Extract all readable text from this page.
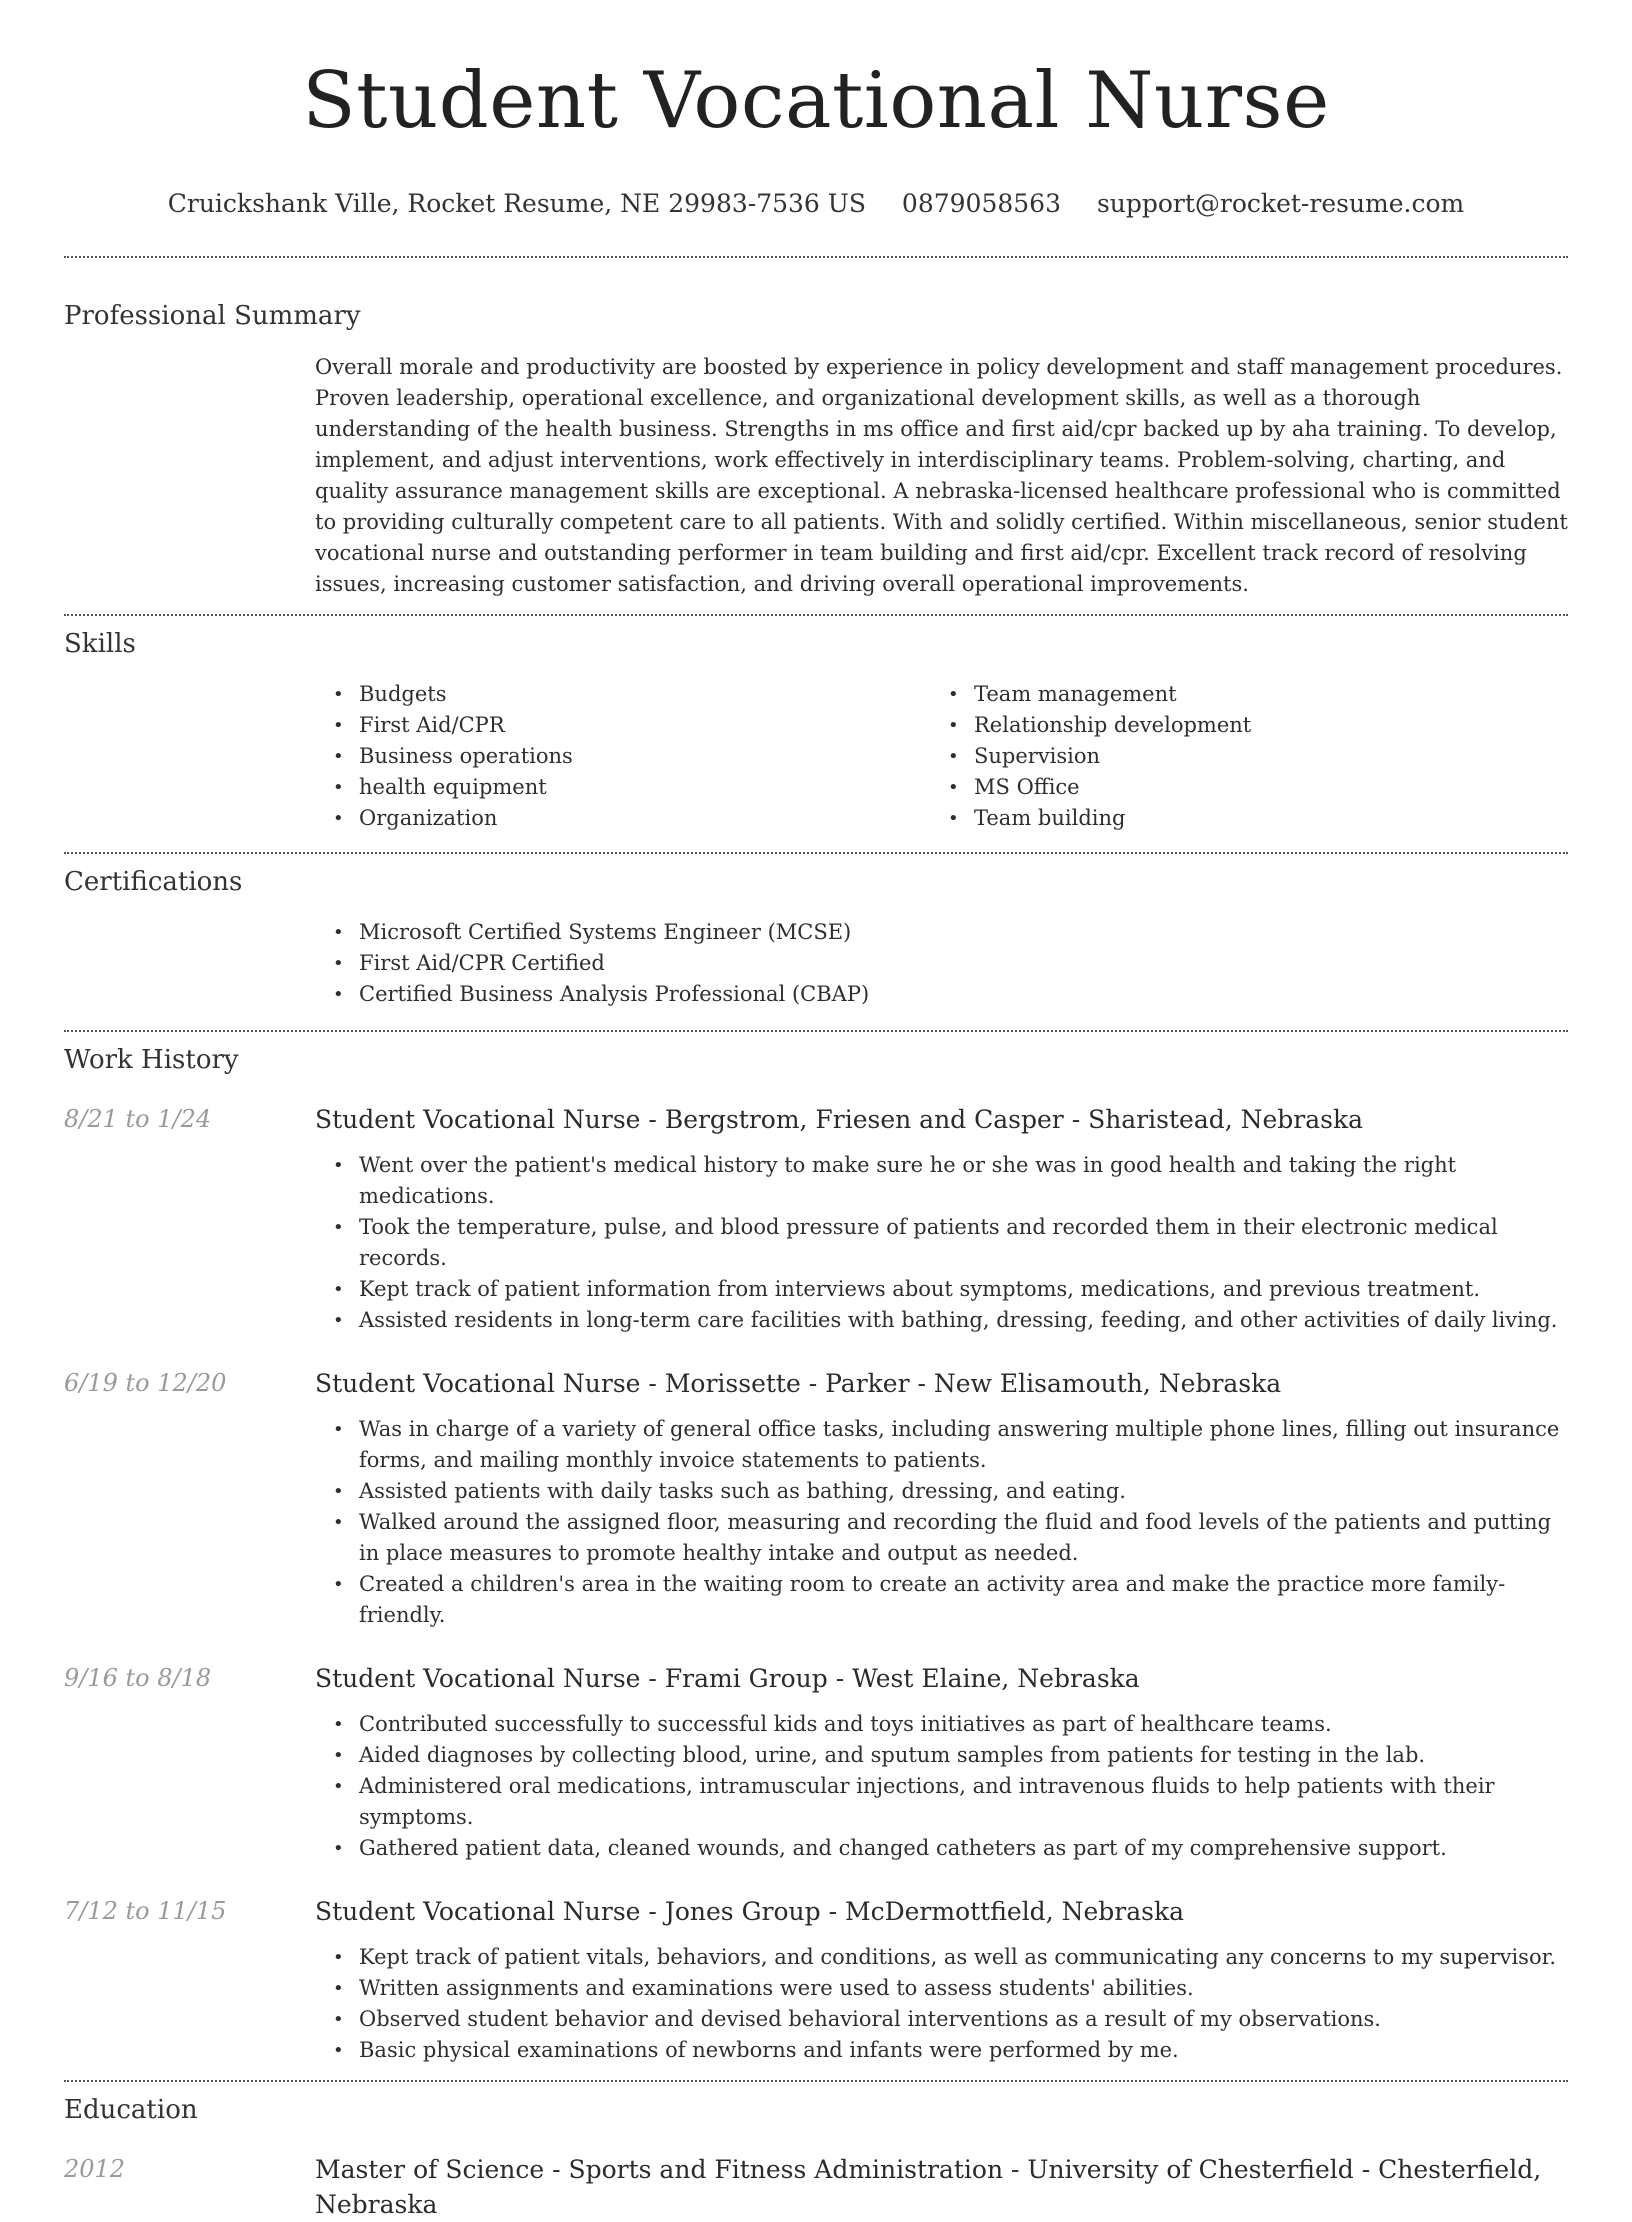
Student Vocational Nurse
Cruickshank Ville, Rocket Resume, NE 29983-7536 US 0879058563 support@rocket-resume.com
Professional Summary

Overall morale and productivity are boosted by experience in policy development and staff management procedures. Proven leadership, operational excellence, and organizational development skills, as well as a thorough understanding of the health business. Strengths in ms office and first aid/cpr backed up by aha training. To develop, implement, and adjust interventions, work effectively in interdisciplinary teams. Problem-solving, charting, and quality assurance management skills are exceptional. A nebraska-licensed healthcare professional who is committed to providing culturally competent care to all patients. With and solidly certified. Within miscellaneous, senior student vocational nurse and outstanding performer in team building and first aid/cpr. Excellent track record of resolving issues, increasing customer satisfaction, and driving overall operational improvements.

Skills
• Budgets
• First Aid/CPR
• Business operations
• health equipment
• Organization
• Team management
• Relationship development
• Supervision
• MS Office
• Team building
Certifications
• Microsoft Certified Systems Engineer (MCSE)
• First Aid/CPR Certified
• Certified Business Analysis Professional (CBAP)
Work History
8/21 to 1/24	Student Vocational Nurse - Bergstrom, Friesen and Casper - Sharistead, Nebraska
• Went over the patient's medical history to make sure he or she was in good health and taking the right medications.
• Took the temperature, pulse, and blood pressure of patients and recorded them in their electronic medical records.
• Kept track of patient information from interviews about symptoms, medications, and previous treatment.
• Assisted residents in long-term care facilities with bathing, dressing, feeding, and other activities of daily living.
6/19 to 12/20	Student Vocational Nurse - Morissette - Parker - New Elisamouth, Nebraska
• Was in charge of a variety of general office tasks, including answering multiple phone lines, filling out insurance forms, and mailing monthly invoice statements to patients.
• Assisted patients with daily tasks such as bathing, dressing, and eating.
• Walked around the assigned floor, measuring and recording the fluid and food levels of the patients and putting in place measures to promote healthy intake and output as needed.
• Created a children's area in the waiting room to create an activity area and make the practice more family-friendly.
9/16 to 8/18	Student Vocational Nurse - Frami Group - West Elaine, Nebraska
• Contributed successfully to successful kids and toys initiatives as part of healthcare teams.
• Aided diagnoses by collecting blood, urine, and sputum samples from patients for testing in the lab.
• Administered oral medications, intramuscular injections, and intravenous fluids to help patients with their symptoms.
• Gathered patient data, cleaned wounds, and changed catheters as part of my comprehensive support.
7/12 to 11/15	Student Vocational Nurse - Jones Group - McDermottfield, Nebraska
• Kept track of patient vitals, behaviors, and conditions, as well as communicating any concerns to my supervisor.
• Written assignments and examinations were used to assess students' abilities.
• Observed student behavior and devised behavioral interventions as a result of my observations.
• Basic physical examinations of newborns and infants were performed by me.
Education
2012	Master of Science - Sports and Fitness Administration - University of Chesterfield - Chesterfield, Nebraska
